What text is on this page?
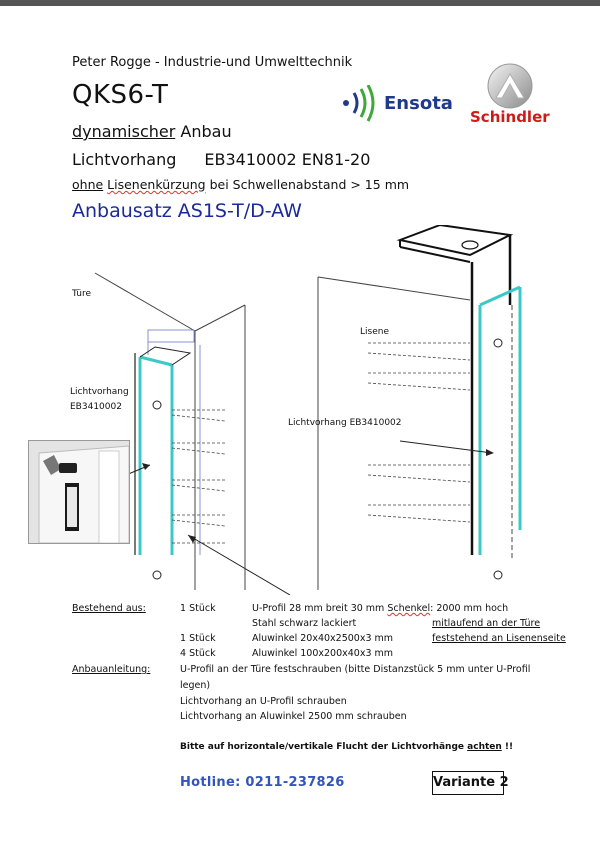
Peter Rogge - Industrie-und Umwelttechnik
QKS6-T
dynamischer Anbau
Lichtvorhang EB3410002 EN81-20
ohne Lisenenkürzung bei Schwellenabstand > 15 mm
Anbausatz AS1S-T/D-AW
Ensota
Schindler
Türe
Lisene
Lichtvorhang
EB3410002
Lichtvorhang EB3410002
Bestehend aus:	1 Stück	U-Profil 28 mm breit 30 mm Schenkel: 2000 mm hoch
Stahl schwarz lackiert	mitlaufend an der Türe
1 Stück	Aluwinkel 20x40x2500x3 mm	feststehend an Lisenenseite
4 Stück	Aluwinkel 100x200x40x3 mm
Anbauanleitung:	U-Profil an der Türe festschrauben (bitte Distanzstück 5 mm unter U-Profil
legen)
Lichtvorhang an U-Profil schrauben
Lichtvorhang an Aluwinkel 2500 mm schrauben
Bitte auf horizontale/vertikale Flucht der Lichtvorhänge achten !!
Hotline: 0211-237826	Variante 2
